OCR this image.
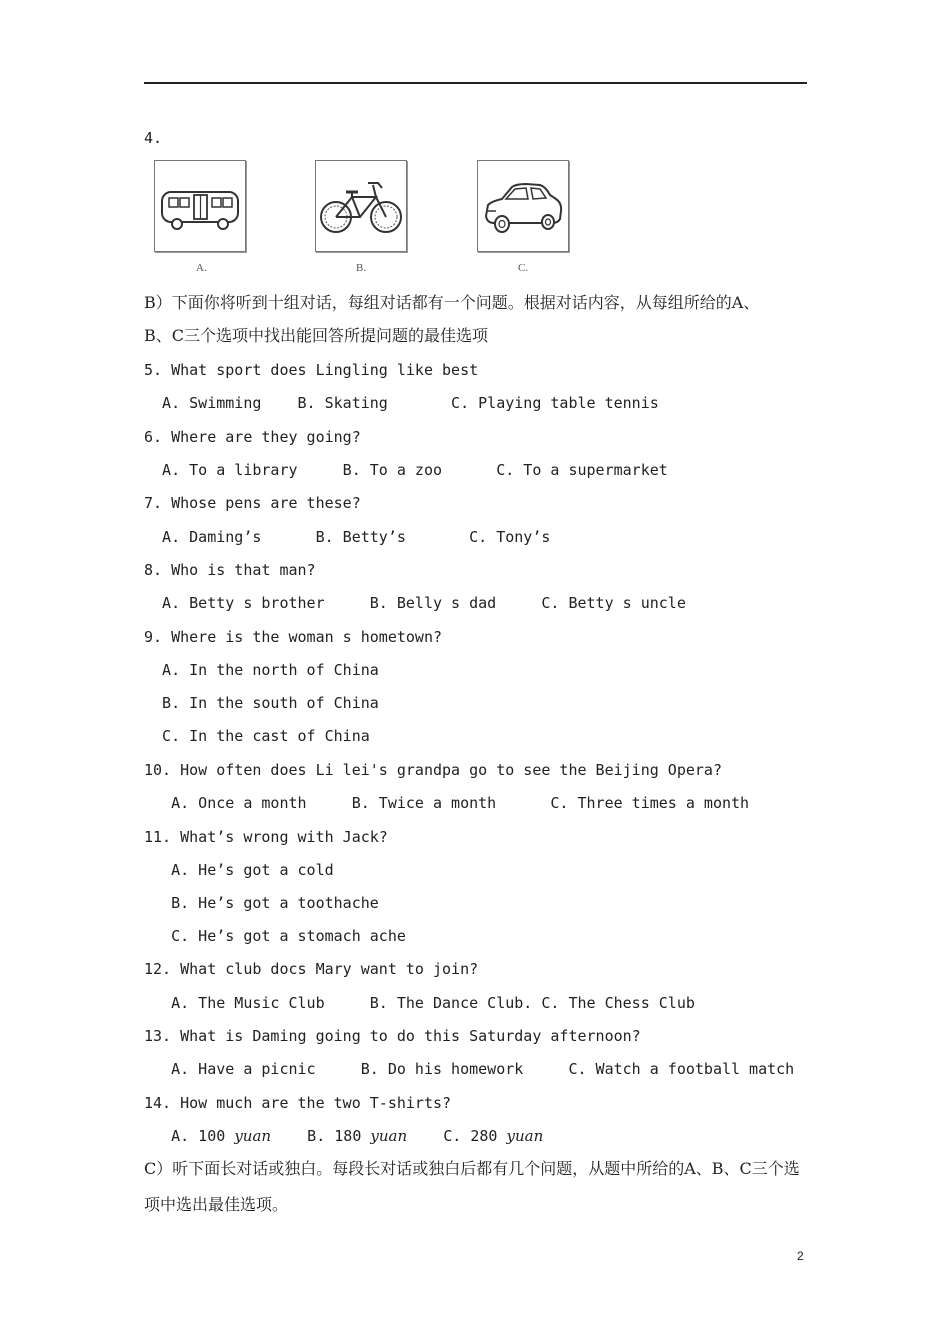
4.
A.	B.	C.
B）下面你将听到十组对话，每组对话都有一个问题。根据对话内容，从每组所给的A、
B、C三个选项中找出能回答所提问题的最佳选项
5. What sport does Lingling like best
A. Swimming    B. Skating       C. Playing table tennis
6. Where are they going?
A. To a library     B. To a zoo      C. To a supermarket
7. Whose pens are these?
A. Daming’s      B. Betty’s       C. Tony’s
8. Who is that man?
A. Betty s brother     B. Belly s dad     C. Betty s uncle
9. Where is the woman s hometown?
A. In the north of China
B. In the south of China
C. In the cast of China
10. How often does Li lei's grandpa go to see the Beijing Opera?
A. Once a month     B. Twice a month      C. Three times a month
11. What’s wrong with Jack?
A. He’s got a cold
B. He’s got a toothache
C. He’s got a stomach ache
12. What club docs Mary want to join?
A. The Music Club     B. The Dance Club. C. The Chess Club
13. What is Daming going to do this Saturday afternoon?
A. Have a picnic     B. Do his homework     C. Watch a football match
14. How much are the two T-shirts?
A. 100 yuan    B. 180 yuan    C. 280 yuan
C）听下面长对话或独白。每段长对话或独白后都有几个问题，从题中所给的A、B、C三个选
项中选出最佳选项。
2
